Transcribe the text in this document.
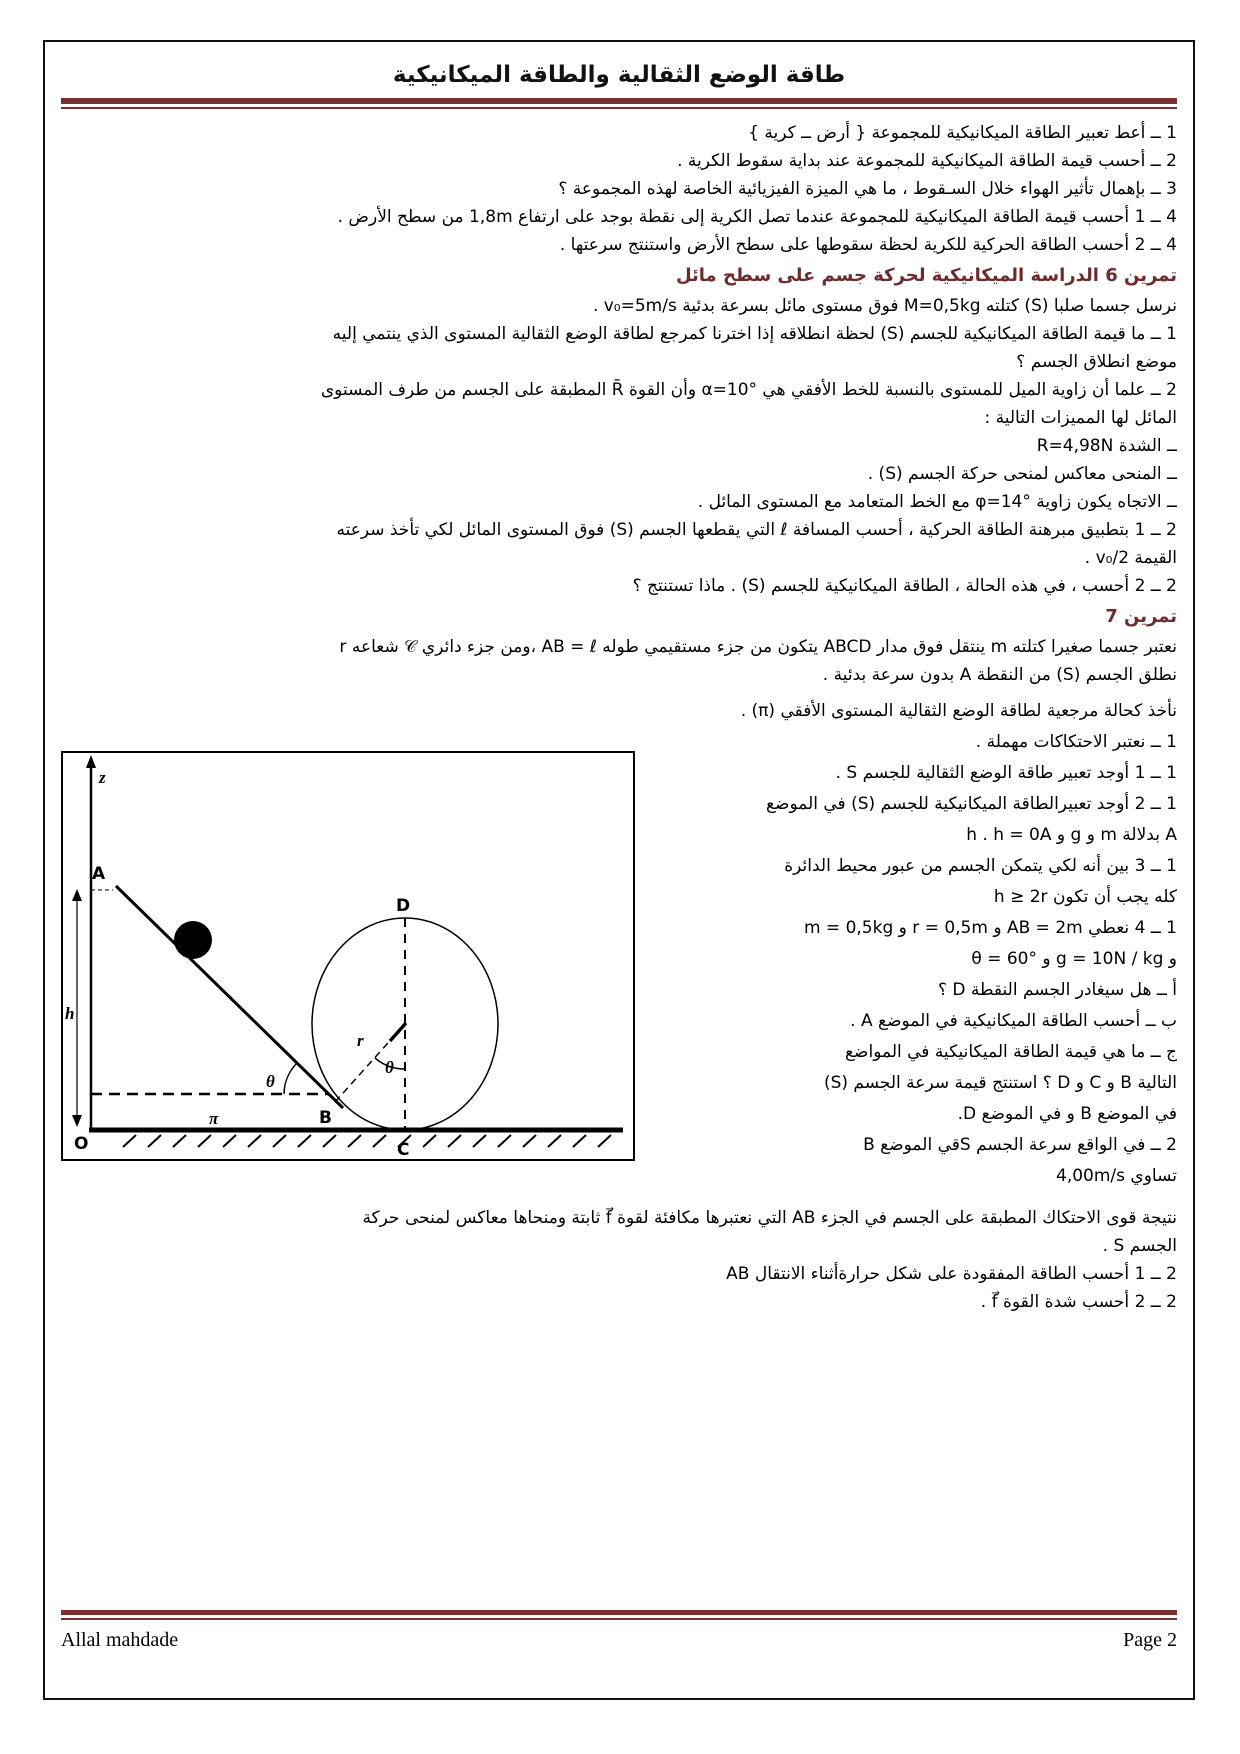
طاقة الوضع الثقالية والطاقة الميكانيكية

1 ــ أعط تعبير الطاقة الميكانيكية للمجموعة { أرض ــ كرية }

2 ــ أحسب قيمة الطاقة الميكانيكية للمجموعة عند بداية سقوط الكرية .

3 ــ بإهمال تأثير الهواء خلال السـقوط ، ما هي الميزة الفيزيائية الخاصة لهذه المجموعة ؟

4 ــ 1 أحسب قيمة الطاقة الميكانيكية للمجموعة عندما تصل الكرية إلى نقطة بوجد على ارتفاع 1,8m من سطح الأرض .

4 ــ 2 أحسب الطاقة الحركية للكرية لحظة سقوطها على سطح الأرض واستنتج سرعتها .

تمرين 6 الدراسة الميكانيكية لحركة جسم على سطح مائل

نرسل جسما صلبا (S) كتلته M=0,5kg فوق مستوى مائل بسرعة بدئية v₀=5m/s .

1 ــ ما قيمة الطاقة الميكانيكية للجسم (S) لحظة انطلاقه إذا اخترنا كمرجع لطاقة الوضع الثقالية المستوى الذي ينتمي إليه

موضع انطلاق الجسم ؟

2 ــ علما أن زاوية الميل للمستوى بالنسبة للخط الأفقي هي α=10° وأن القوة R̄ المطبقة على الجسم من طرف المستوى

المائل لها المميزات التالية :

ــ الشدة R=4,98N

ــ المنحى معاكس لمنحى حركة الجسم (S) .

ــ الاتجاه يكون زاوية φ=14° مع الخط المتعامد مع المستوى المائل .

2 ــ 1 بتطبيق مبرهنة الطاقة الحركية ، أحسب المسافة ℓ التي يقطعها الجسم (S) فوق المستوى المائل لكي تأخذ سرعته

القيمة v₀/2 .

2 ــ 2 أحسب ، في هذه الحالة ، الطاقة الميكانيكية للجسم (S) . ماذا تستنتج ؟

تمرين 7

نعتبر جسما صغيرا كتلته m ينتقل فوق مدار ABCD يتكون من جزء مستقيمي طوله AB = ℓ ،ومن جزء دائري 𝒞 شعاعه r

نطلق الجسم (S) من النقطة A بدون سرعة بدئية .

نأخذ كحالة مرجعية لطاقة الوضع الثقالية المستوى الأفقي (π) .

1 ــ نعتبر الاحتكاكات مهملة .

1 ــ 1 أوجد تعبير طاقة الوضع الثقالية للجسم S .

1 ــ 2 أوجد تعبيرالطاقة الميكانيكية للجسم (S) في الموضع

A بدلالة m و g و h . h = 0A

1 ــ 3 بين أنه لكي يتمكن الجسم من عبور محيط الدائرة

كله يجب أن تكون h ≥ 2r

1 ــ 4 نعطي AB = 2m و r = 0,5m و m = 0,5kg

و g = 10N / kg و θ = 60°

أ ــ هل سيغادر الجسم النقطة D ؟

ب ــ أحسب الطاقة الميكانيكية في الموضع A .

ج ــ ما هي قيمة الطاقة الميكانيكية في المواضع

التالية B و C و D ؟ استنتج قيمة سرعة الجسم (S)

في الموضع B و في الموضع D.

2 ــ في الواقع سرعة الجسم Sقي الموضع B

تساوي 4,00m/s

z
h
A
θ
D
C
r
θ
π	B
O

نتيجة قوى الاحتكاك المطبقة على الجسم في الجزء AB التي نعتبرها مكافئة لقوة f⃗ ثابتة ومنحاها معاكس لمنحى حركة

الجسم S .

2 ــ 1 أحسب الطاقة المفقودة على شكل حرارةأثناء الانتقال AB

2 ــ 2 أحسب شدة القوة f⃗ .

Allal mahdade	Page 2
